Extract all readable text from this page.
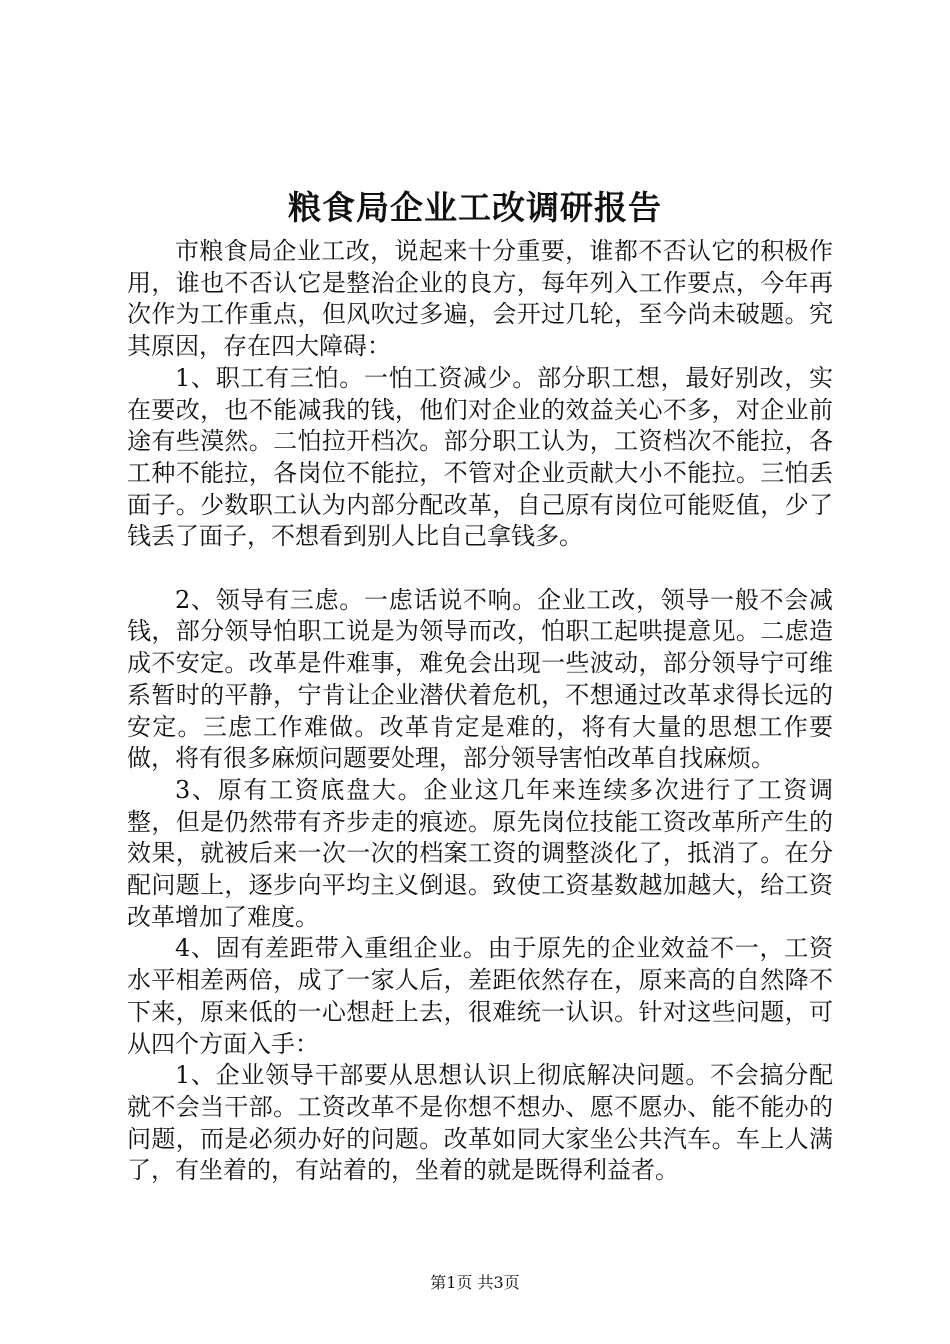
粮食局企业工改调研报告

市粮食局企业工改，说起来十分重要，谁都不否认它的积极作用，谁也不否认它是整治企业的良方，每年列入工作要点，今年再次作为工作重点，但风吹过多遍，会开过几轮，至今尚未破题。究其原因，存在四大障碍：

1、职工有三怕。一怕工资减少。部分职工想，最好别改，实在要改，也不能减我的钱，他们对企业的效益关心不多，对企业前途有些漠然。二怕拉开档次。部分职工认为，工资档次不能拉，各工种不能拉，各岗位不能拉，不管对企业贡献大小不能拉。三怕丢面子。少数职工认为内部分配改革，自己原有岗位可能贬值，少了钱丢了面子，不想看到别人比自己拿钱多。

2、领导有三虑。一虑话说不响。企业工改，领导一般不会减钱，部分领导怕职工说是为领导而改，怕职工起哄提意见。二虑造成不安定。改革是件难事，难免会出现一些波动，部分领导宁可维系暂时的平静，宁肯让企业潜伏着危机，不想通过改革求得长远的安定。三虑工作难做。改革肯定是难的，将有大量的思想工作要做，将有很多麻烦问题要处理，部分领导害怕改革自找麻烦。

3、原有工资底盘大。企业这几年来连续多次进行了工资调整，但是仍然带有齐步走的痕迹。原先岗位技能工资改革所产生的效果，就被后来一次一次的档案工资的调整淡化了，抵消了。在分配问题上，逐步向平均主义倒退。致使工资基数越加越大，给工资改革增加了难度。

4、固有差距带入重组企业。由于原先的企业效益不一，工资水平相差两倍，成了一家人后，差距依然存在，原来高的自然降不下来，原来低的一心想赶上去，很难统一认识。针对这些问题，可从四个方面入手：

1、企业领导干部要从思想认识上彻底解决问题。不会搞分配就不会当干部。工资改革不是你想不想办、愿不愿办、能不能办的问题，而是必须办好的问题。改革如同大家坐公共汽车。车上人满了，有坐着的，有站着的，坐着的就是既得利益者。

第1页 共3页
